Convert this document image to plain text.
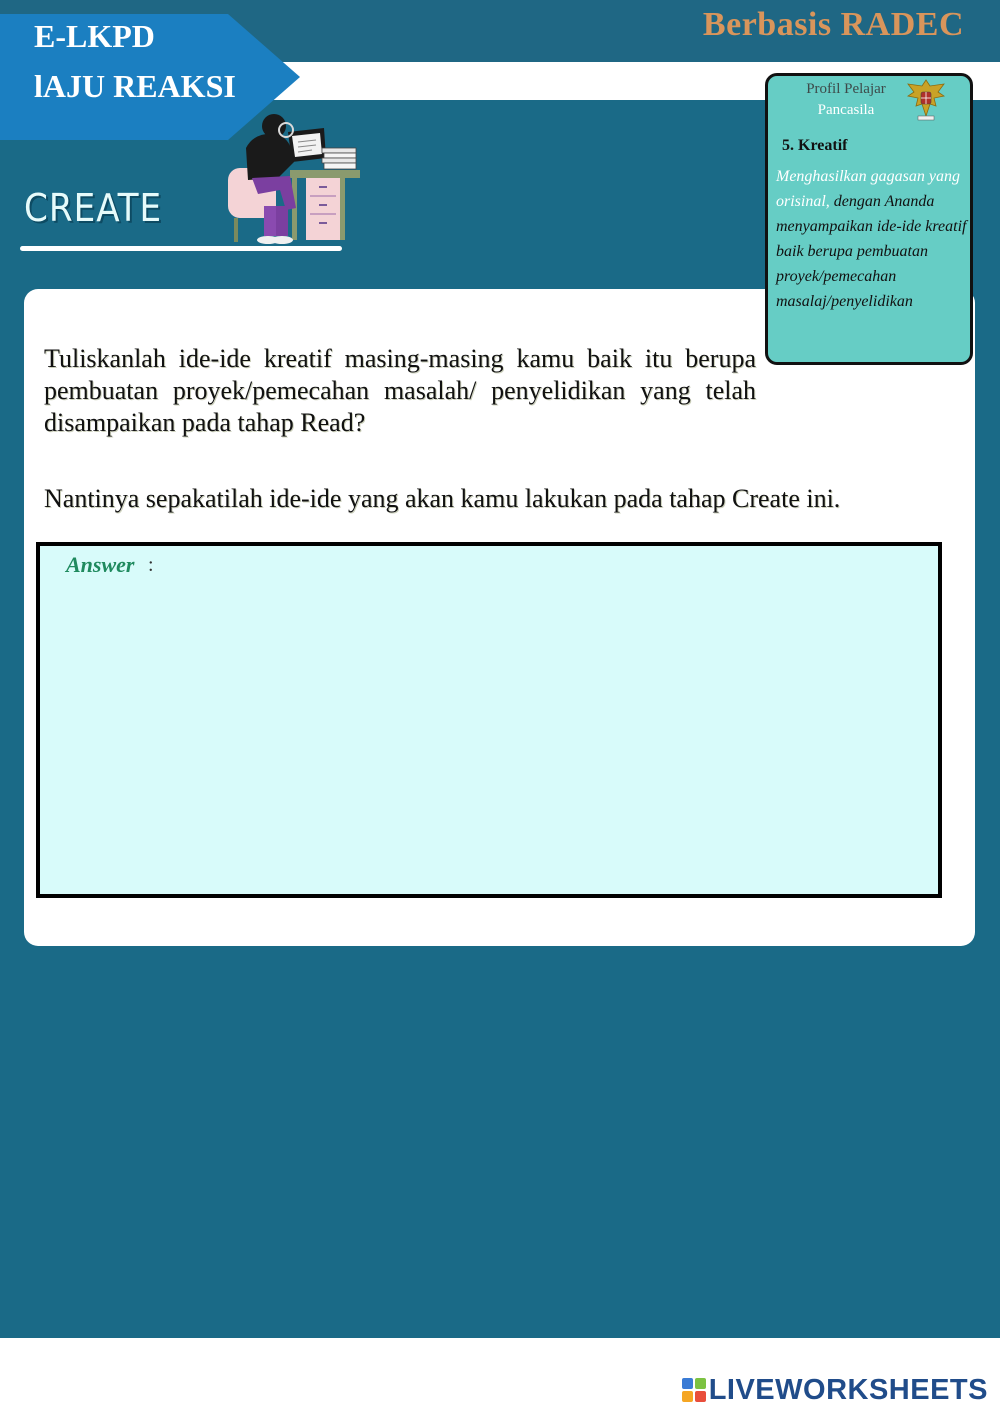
Berbasis RADEC
E-LKPD
lAJU REAKSI
CREATE
Profil Pelajar
Pancasila
5. Kreatif
Menghasilkan gagasan yang orisinal, dengan Ananda menyampaikan ide-ide kreatif baik berupa pembuatan proyek/pemecahan masalaj/penyelidikan
Tuliskanlah ide-ide kreatif masing-masing kamu baik itu berupa pembuatan proyek/pemecahan masalah/ penyelidikan yang telah disampaikan pada tahap Read?
Nantinya sepakatilah ide-ide yang akan kamu lakukan pada tahap Create ini.
Answer :
LIVEWORKSHEETS
